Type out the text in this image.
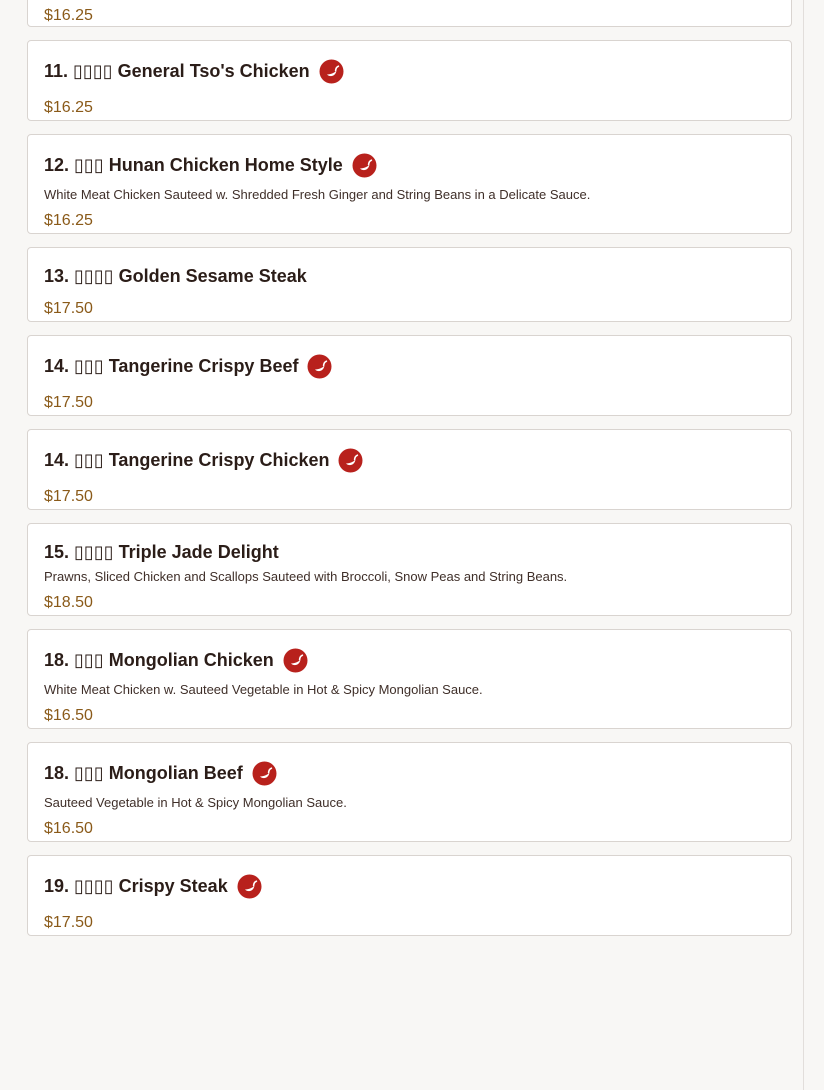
$16.25
11. ▯▯▯▯ General Tso's Chicken
$16.25
12. ▯▯▯ Hunan Chicken Home Style
White Meat Chicken Sauteed w. Shredded Fresh Ginger and String Beans in a Delicate Sauce.
$16.25
13. ▯▯▯▯ Golden Sesame Steak
$17.50
14. ▯▯▯ Tangerine Crispy Beef
$17.50
14. ▯▯▯ Tangerine Crispy Chicken
$17.50
15. ▯▯▯▯ Triple Jade Delight
Prawns, Sliced Chicken and Scallops Sauteed with Broccoli, Snow Peas and String Beans.
$18.50
18. ▯▯▯ Mongolian Chicken
White Meat Chicken w. Sauteed Vegetable in Hot & Spicy Mongolian Sauce.
$16.50
18. ▯▯▯ Mongolian Beef
Sauteed Vegetable in Hot & Spicy Mongolian Sauce.
$16.50
19. ▯▯▯▯ Crispy Steak
$17.50
